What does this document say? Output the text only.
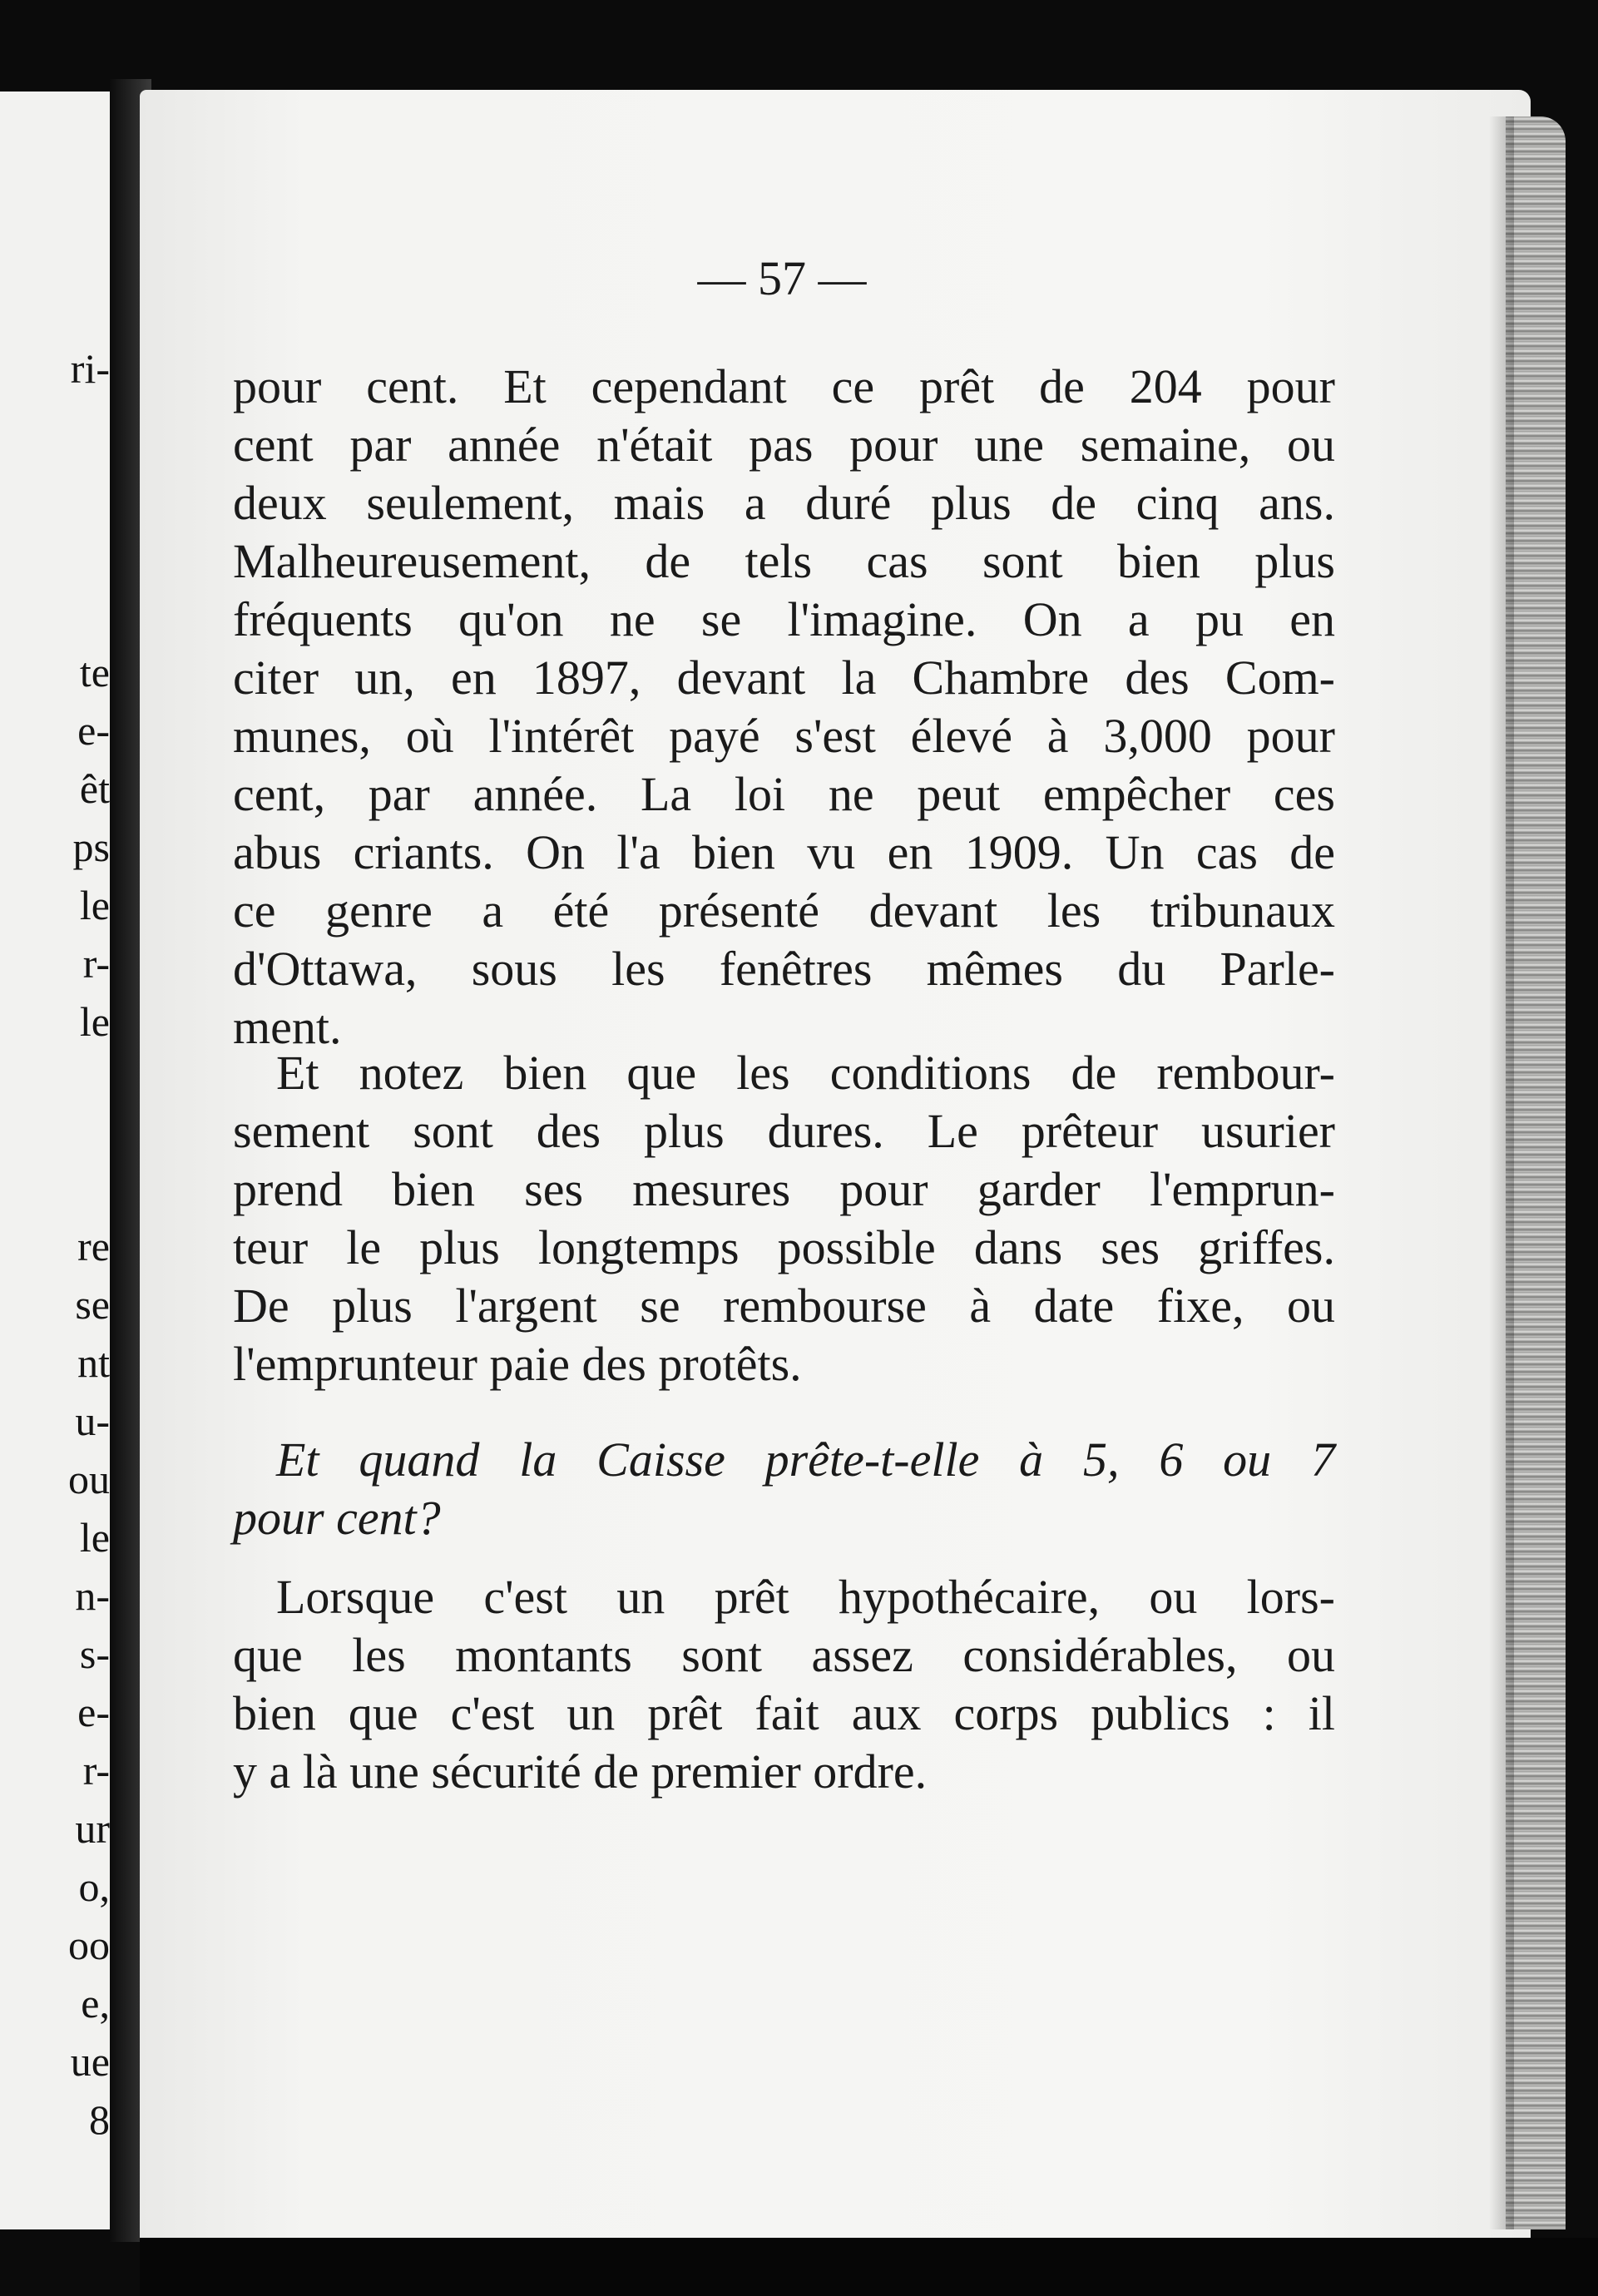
ri-
te
e-
êt
ps
le
r-
le
re
se
nt
u-
ou
le
n-
s-
e-
r-
ur
o,
oo
e,
ue
8
— 57 —
pour cent. Et cependant ce prêt de 204 pour
cent par année n'était pas pour une semaine, ou
deux seulement, mais a duré plus de cinq ans.
Malheureusement, de tels cas sont bien plus
fréquents qu'on ne se l'imagine. On a pu en
citer un, en 1897, devant la Chambre des Com-
munes, où l'intérêt payé s'est élevé à 3,000 pour
cent, par année. La loi ne peut empêcher ces
abus criants. On l'a bien vu en 1909. Un cas de
ce genre a été présenté devant les tribunaux
d'Ottawa, sous les fenêtres mêmes du Parle-
ment.
Et notez bien que les conditions de rembour-
sement sont des plus dures. Le prêteur usurier
prend bien ses mesures pour garder l'emprun-
teur le plus longtemps possible dans ses griffes.
De plus l'argent se rembourse à date fixe, ou
l'emprunteur paie des protêts.
Et quand la Caisse prête-t-elle à 5, 6 ou 7
pour cent?
Lorsque c'est un prêt hypothécaire, ou lors-
que les montants sont assez considérables, ou
bien que c'est un prêt fait aux corps publics : il
y a là une sécurité de premier ordre.
